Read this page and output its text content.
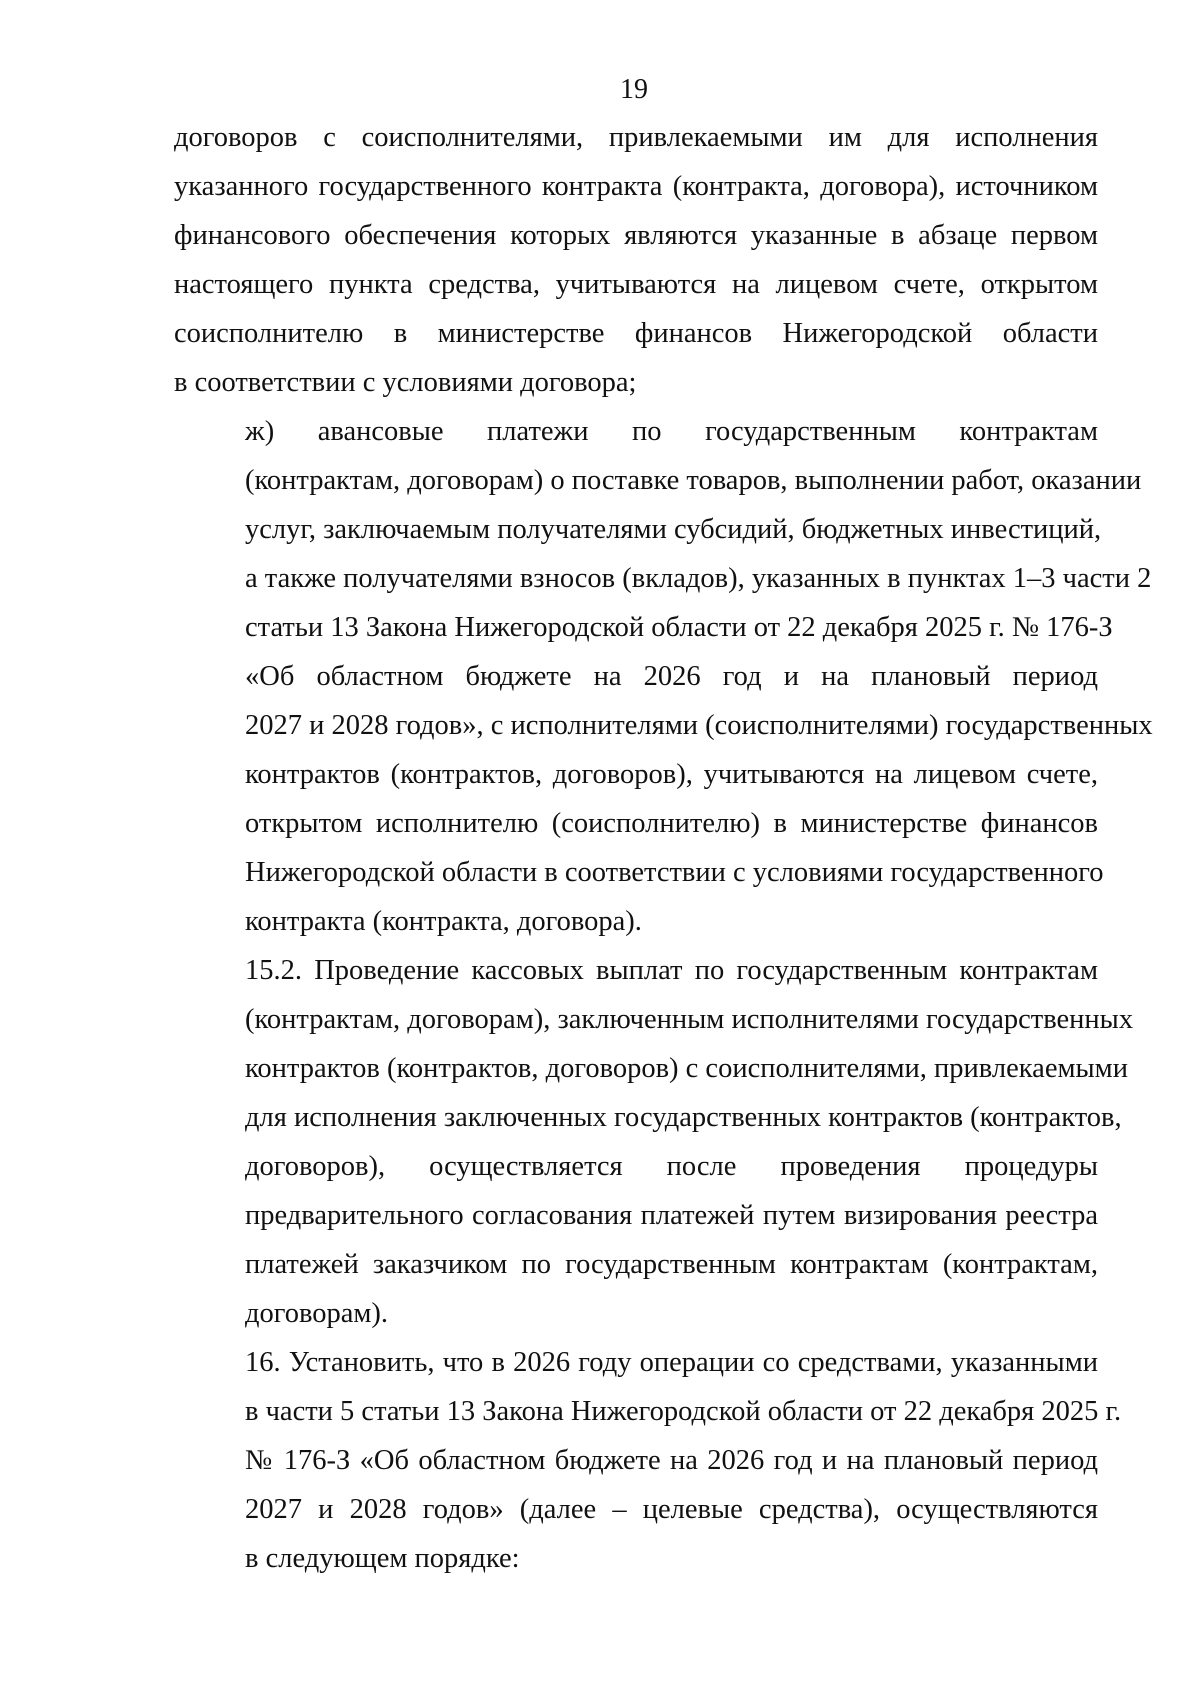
19
договоров с соисполнителями, привлекаемыми им для исполнения
указанного государственного контракта (контракта, договора), источником
финансового обеспечения которых являются указанные в абзаце первом
настоящего пункта средства, учитываются на лицевом счете, открытом
соисполнителю в министерстве финансов Нижегородской области
в соответствии с условиями договора;
ж) авансовые платежи по государственным контрактам
(контрактам, договорам) о поставке товаров, выполнении работ, оказании
услуг, заключаемым получателями субсидий, бюджетных инвестиций,
а также получателями взносов (вкладов), указанных в пунктах 1–3 части 2
статьи 13 Закона Нижегородской области от 22 декабря 2025 г. № 176-З
«Об областном бюджете на 2026 год и на плановый период
2027 и 2028 годов», с исполнителями (соисполнителями) государственных
контрактов (контрактов, договоров), учитываются на лицевом счете,
открытом исполнителю (соисполнителю) в министерстве финансов
Нижегородской области в соответствии с условиями государственного
контракта (контракта, договора).
15.2. Проведение кассовых выплат по государственным контрактам
(контрактам, договорам), заключенным исполнителями государственных
контрактов (контрактов, договоров) с соисполнителями, привлекаемыми
для исполнения заключенных государственных контрактов (контрактов,
договоров), осуществляется после проведения процедуры
предварительного согласования платежей путем визирования реестра
платежей заказчиком по государственным контрактам (контрактам,
договорам).
16. Установить, что в 2026 году операции со средствами, указанными
в части 5 статьи 13 Закона Нижегородской области от 22 декабря 2025 г.
№ 176-З «Об областном бюджете на 2026 год и на плановый период
2027 и 2028 годов» (далее – целевые средства), осуществляются
в следующем порядке:
